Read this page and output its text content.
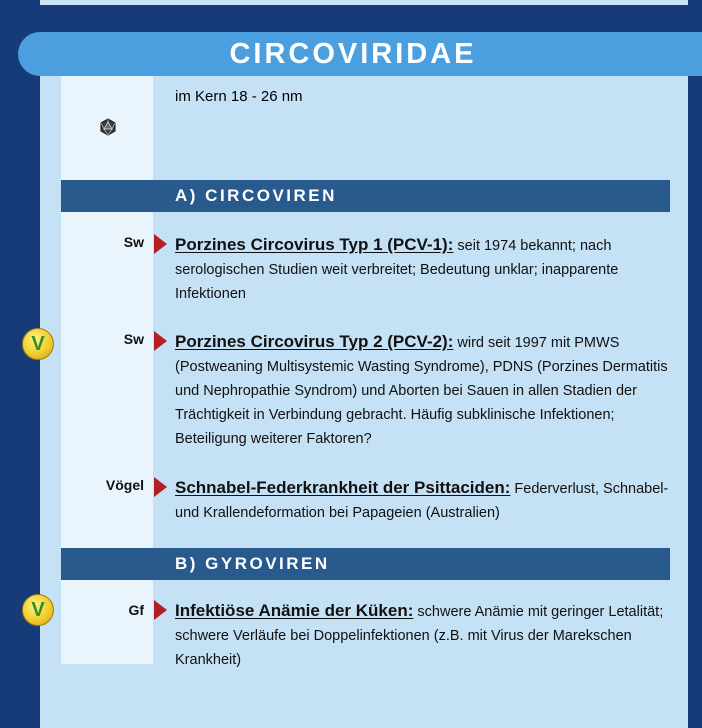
CIRCOVIRIDAE
im Kern 18 - 26 nm
A) CIRCOVIREN
Sw Porzines Circovirus Typ 1 (PCV-1): seit 1974 bekannt; nach serologischen Studien weit verbreitet; Bedeutung unklar; inapparente Infektionen
V	Sw Porzines Circovirus Typ 2 (PCV-2): wird seit 1997 mit PMWS (Postweaning Multisystemic Wasting Syndrome), PDNS (Porzines Dermatitis und Nephropathie Syndrom) und Aborten bei Sauen in allen Stadien der Trächtigkeit in Verbindung gebracht. Häufig subklinische Infektionen; Beteiligung weiterer Faktoren?
Vögel Schnabel-Federkrankheit der Psittaciden: Federverlust, Schnabel- und Krallendeformation bei Papageien (Australien)
B) GYROVIREN
V	Gf Infektiöse Anämie der Küken: schwere Anämie mit geringer Letalität; schwere Verläufe bei Doppelinfektionen (z.B. mit Virus der Marekschen Krankheit)
